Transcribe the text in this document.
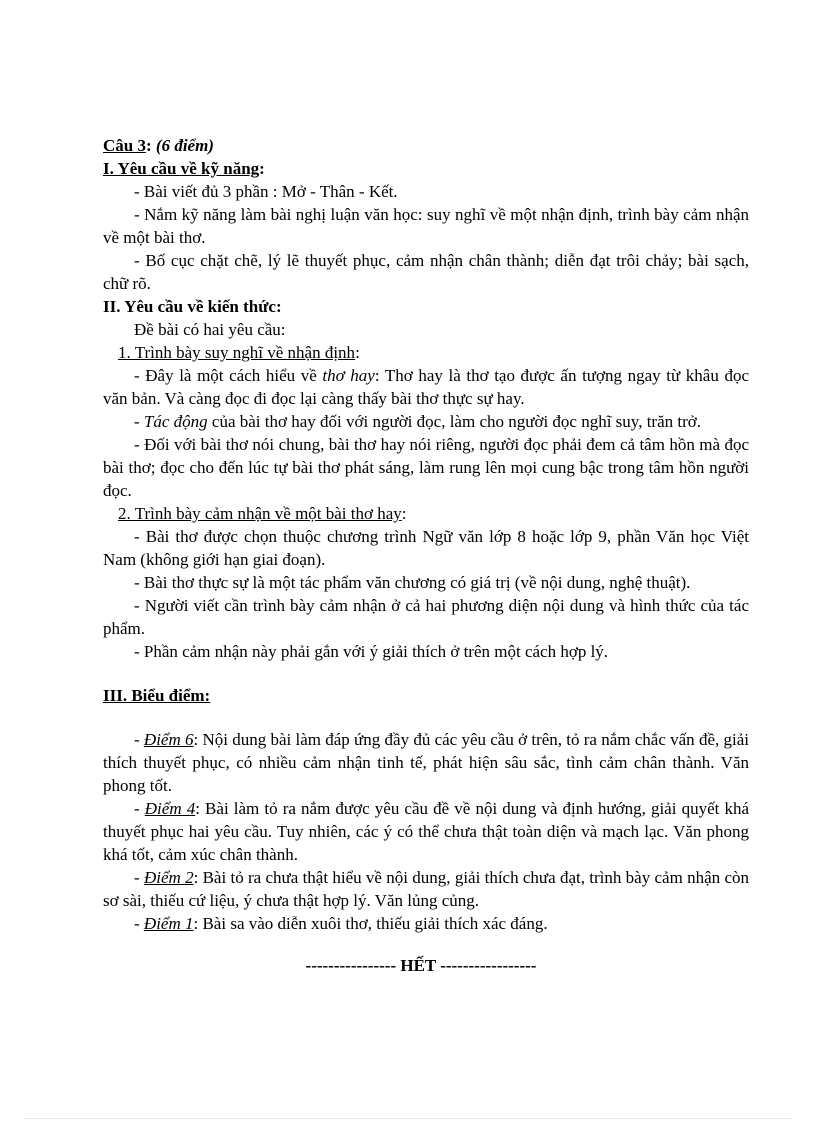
Câu 3: (6 điểm)

I. Yêu cầu về kỹ năng:

- Bài viết đủ 3 phần : Mở - Thân - Kết.

- Nắm kỹ năng làm bài nghị luận văn học: suy nghĩ về một nhận định, trình bày cảm nhận về một bài thơ.

- Bố cục chặt chẽ, lý lẽ thuyết phục, cảm nhận chân thành; diễn đạt trôi chảy; bài sạch, chữ rõ.

II. Yêu cầu về kiến thức:

Đề bài có hai yêu cầu:

1. Trình bày suy nghĩ về nhận định:

- Đây là một cách hiểu về thơ hay: Thơ hay là thơ tạo được ấn tượng ngay từ khâu đọc văn bản. Và càng đọc đi đọc lại càng thấy bài thơ thực sự hay.

- Tác động của bài thơ hay đối với người đọc, làm cho người đọc nghĩ suy, trăn trở.

- Đối với bài thơ nói chung, bài thơ hay nói riêng, người đọc phải đem cả tâm hồn mà đọc bài thơ; đọc cho đến lúc tự bài thơ phát sáng, làm rung lên mọi cung bậc trong tâm hồn người đọc.

2. Trình bày cảm nhận về một bài thơ hay:

- Bài thơ được chọn thuộc chương trình Ngữ văn lớp 8 hoặc lớp 9, phần Văn học Việt Nam (không giới hạn giai đoạn).

- Bài thơ thực sự là một tác phẩm văn chương có giá trị (về nội dung, nghệ thuật).

- Người viết cần trình bày cảm nhận ở cả hai phương diện nội dung và hình thức của tác phẩm.

- Phần cảm nhận này phải gắn với ý giải thích ở trên một cách hợp lý.

III. Biểu điểm:

- Điểm 6: Nội dung bài làm đáp ứng đầy đủ các yêu cầu ở trên, tỏ ra nắm chắc vấn đề, giải thích thuyết phục, có nhiều cảm nhận tinh tế, phát hiện sâu sắc, tình cảm chân thành. Văn phong tốt.

- Điểm 4: Bài làm tỏ ra nắm được yêu cầu đề về nội dung và định hướng, giải quyết khá thuyết phục hai yêu cầu. Tuy nhiên, các ý có thể chưa thật toàn diện và mạch lạc. Văn phong khá tốt, cảm xúc chân thành.

- Điểm 2: Bài tỏ ra chưa thật hiểu về nội dung, giải thích chưa đạt, trình bày cảm nhận còn sơ sài, thiếu cứ liệu, ý chưa thật hợp lý. Văn lủng củng.

- Điểm 1: Bài sa vào diễn xuôi thơ, thiếu giải thích xác đáng.

---------------- HẾT -----------------
